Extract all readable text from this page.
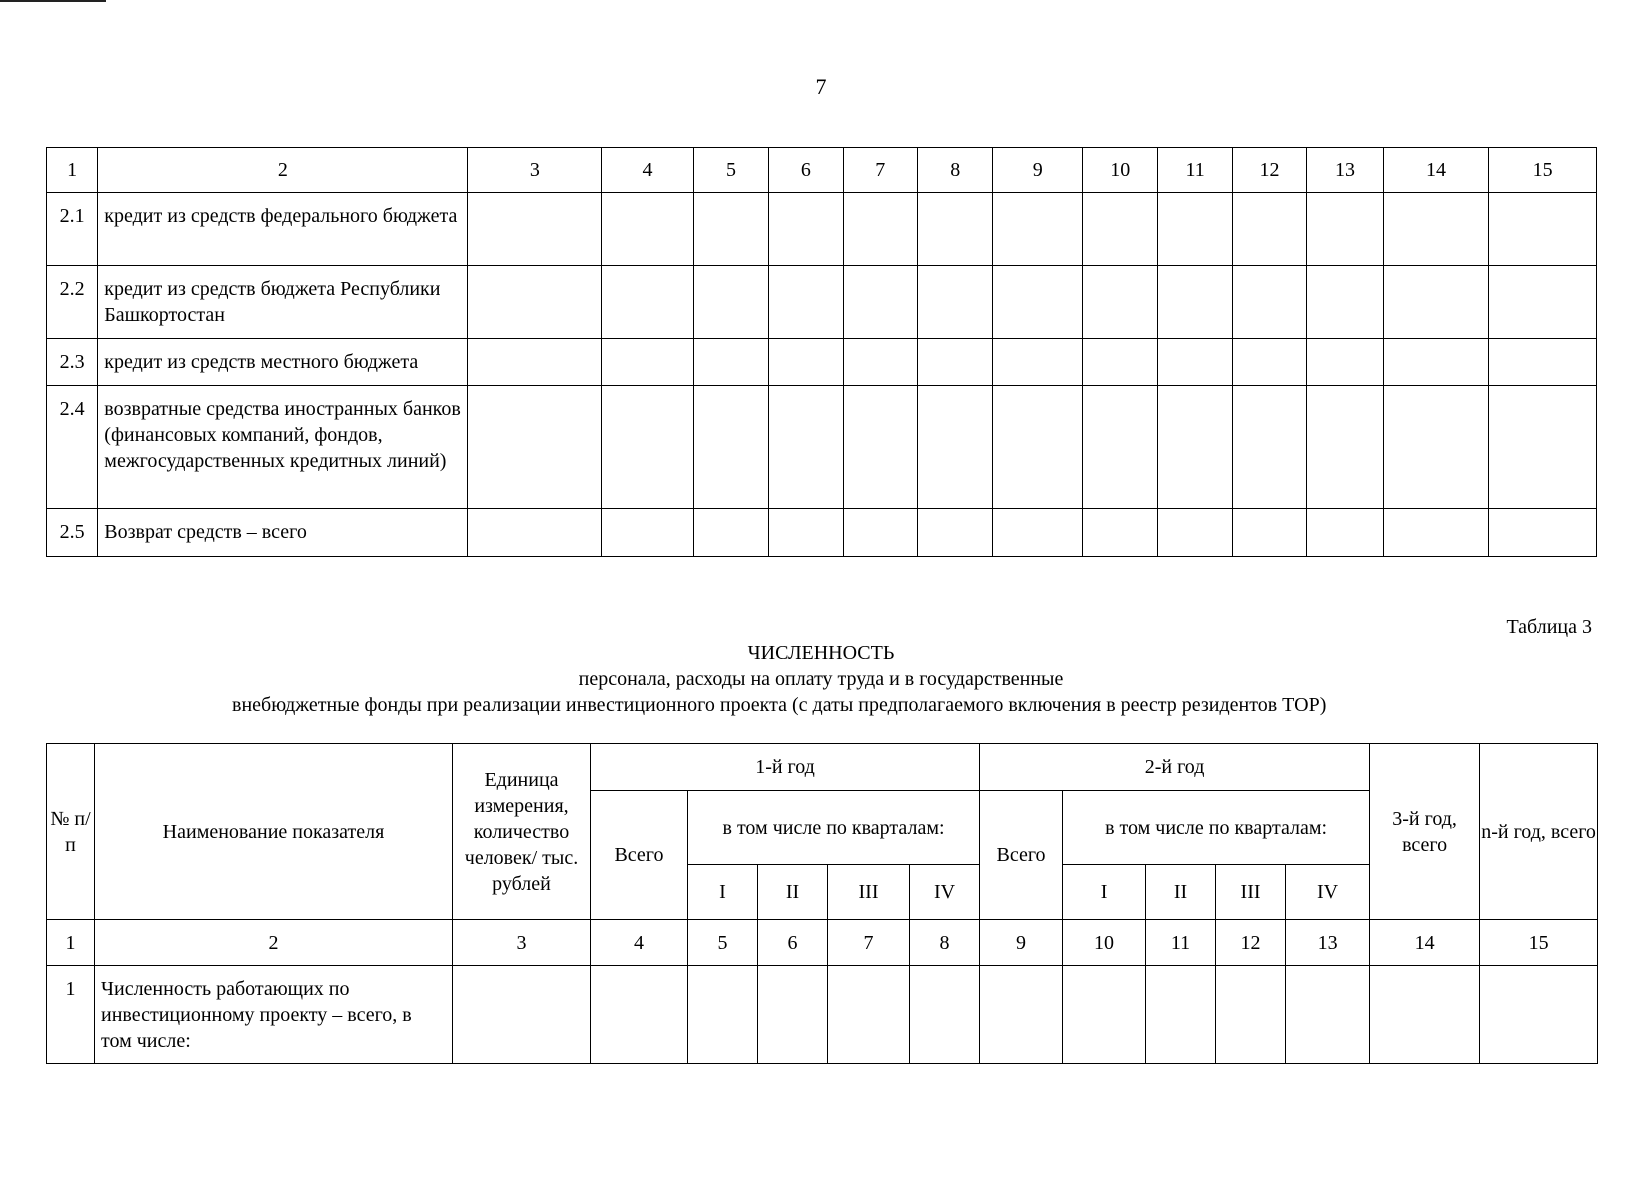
7
1	2	3	4	5	6	7	8	9	10	11	12	13	14	15
2.1	кредит из средств федерального бюджета													
2.2	кредит из средств бюджета Республики Башкортостан													
2.3	кредит из средств местного бюджета													
2.4	возвратные средства иностранных банков (финансовых компаний, фондов, межгосударственных кредитных линий)													
2.5	Возврат средств – всего													
Таблица 3
ЧИСЛЕННОСТЬ
персонала, расходы на оплату труда и в государственные
внебюджетные фонды при реализации инвестиционного проекта (с даты предполагаемого включения в реестр резидентов ТОР)
№ п/п	Наименование показателя	Единица измерения, количество человек/ тыс. рублей	1-й год					2-й год					3-й год, всего	n-й год, всего
			Всего	в том числе по кварталам:				Всего	в том числе по кварталам:					
				I	II	III	IV		I	II	III	IV		
1	2	3	4	5	6	7	8	9	10	11	12	13	14	15
1	Численность работающих по инвестиционному проекту – всего, в том числе:													
